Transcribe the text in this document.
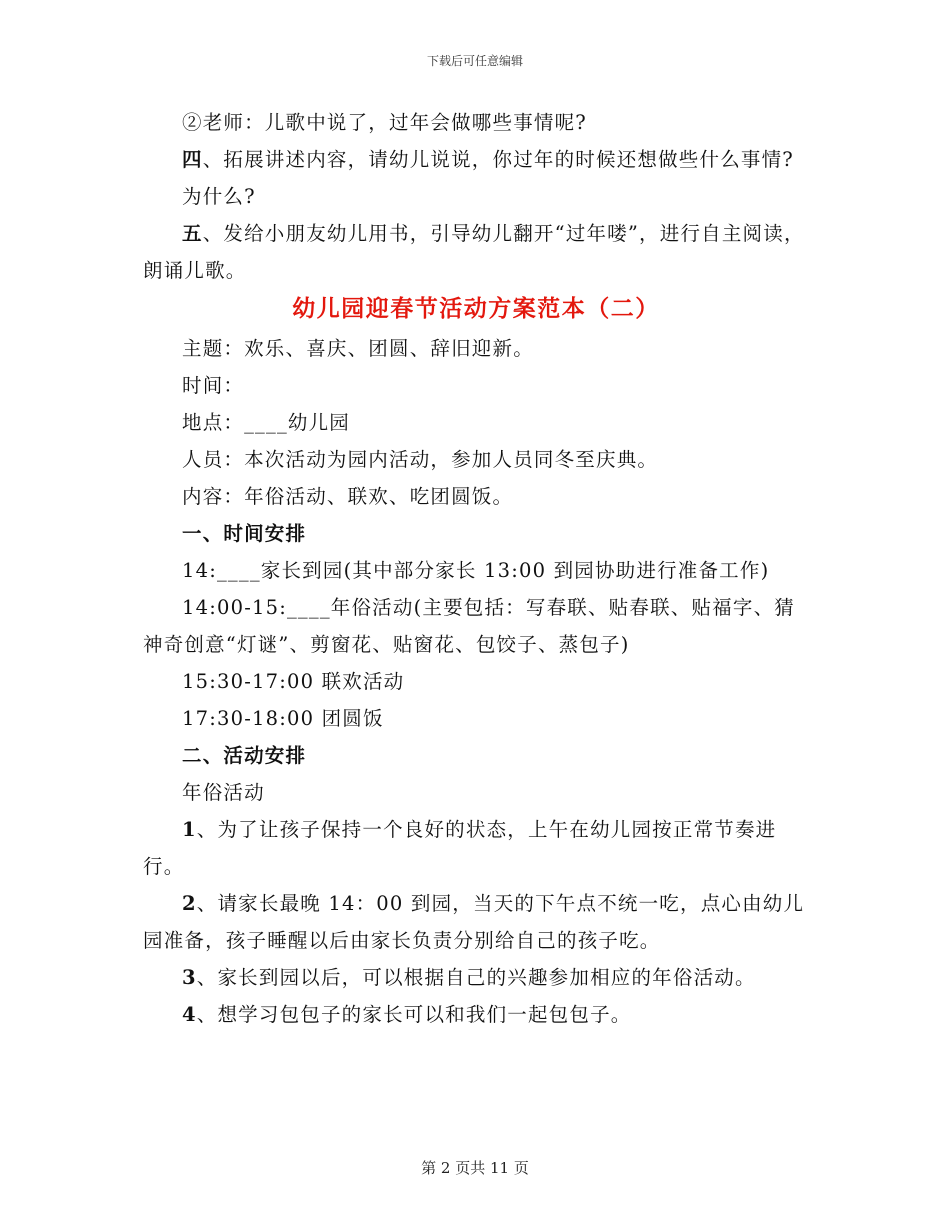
下载后可任意编辑

②老师：儿歌中说了，过年会做哪些事情呢?

四、拓展讲述内容，请幼儿说说，你过年的时候还想做些什么事情?

为什么?

五、发给小朋友幼儿用书，引导幼儿翻开“过年喽”，进行自主阅读，朗诵儿歌。

幼儿园迎春节活动方案范本（二）

主题：欢乐、喜庆、团圆、辞旧迎新。

时间：

地点：____幼儿园

人员：本次活动为园内活动，参加人员同冬至庆典。

内容：年俗活动、联欢、吃团圆饭。

一、时间安排

14:____家长到园(其中部分家长 13:00 到园协助进行准备工作)

14:00-15:____年俗活动(主要包括：写春联、贴春联、贴福字、猜神奇创意“灯谜”、剪窗花、贴窗花、包饺子、蒸包子)

15:30-17:00 联欢活动

17:30-18:00 团圆饭

二、活动安排

年俗活动

1、为了让孩子保持一个良好的状态，上午在幼儿园按正常节奏进行。

2、请家长最晚 14：00 到园，当天的下午点不统一吃，点心由幼儿园准备，孩子睡醒以后由家长负责分别给自己的孩子吃。

3、家长到园以后，可以根据自己的兴趣参加相应的年俗活动。

4、想学习包包子的家长可以和我们一起包包子。

第 2 页共 11 页
